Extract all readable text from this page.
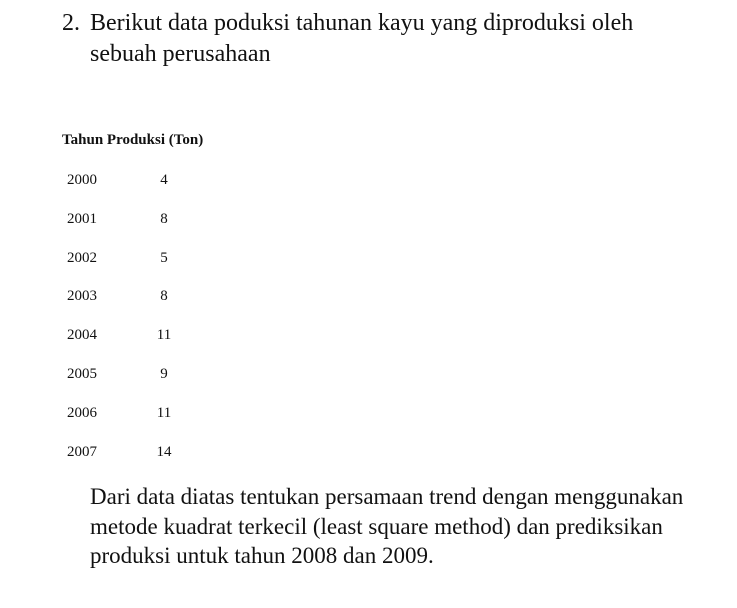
2. Berikut data poduksi tahunan kayu yang diproduksi oleh
sebuah perusahaan
Tahun Produksi (Ton)
2000	4
2001	8
2002	5
2003	8
2004	11
2005	9
2006	11
2007	14
Dari data diatas tentukan persamaan trend dengan menggunakan metode kuadrat terkecil (least square method) dan prediksikan produksi untuk tahun 2008 dan 2009.
